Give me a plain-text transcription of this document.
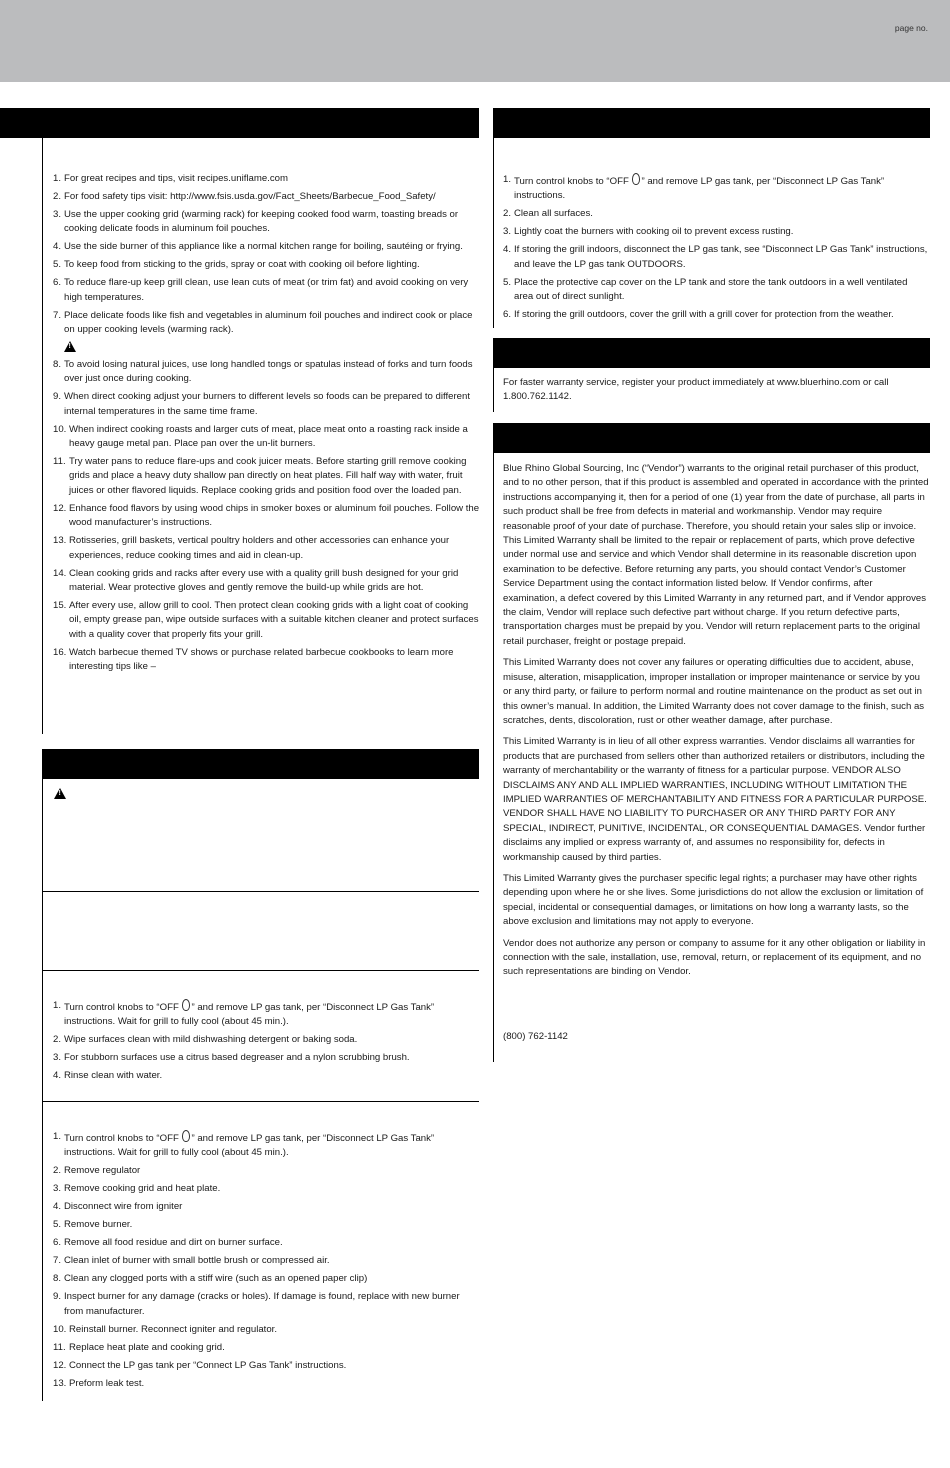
page no.
1. For great recipes and tips, visit recipes.uniflame.com
2. For food safety tips visit: http://www.fsis.usda.gov/Fact_Sheets/Barbecue_Food_Safety/
3. Use the upper cooking grid (warming rack) for keeping cooked food warm, toasting breads or cooking delicate foods in aluminum foil pouches.
4. Use the side burner of this appliance like a normal kitchen range for boiling, sautéing or frying.
5. To keep food from sticking to the grids, spray or coat with cooking oil before lighting.
6. To reduce flare-up keep grill clean, use lean cuts of meat (or trim fat) and avoid cooking on very high temperatures.
7. Place delicate foods like fish and vegetables in aluminum foil pouches and indirect cook or place on upper cooking levels (warming rack).
!
8. To avoid losing natural juices, use long handled tongs or spatulas instead of forks and turn foods over just once during cooking.
9. When direct cooking adjust your burners to different levels so foods can be prepared to different internal temperatures in the same time frame.
10. When indirect cooking roasts and larger cuts of meat, place meat onto a roasting rack inside a heavy gauge metal pan. Place pan over the un-lit burners.
11. Try water pans to reduce flare-ups and cook juicer meats. Before starting grill remove cooking grids and place a heavy duty shallow pan directly on heat plates. Fill half way with water, fruit juices or other flavored liquids. Replace cooking grids and position food over the loaded pan.
12. Enhance food flavors by using wood chips in smoker boxes or aluminum foil pouches. Follow the wood manufacturer’s instructions.
13. Rotisseries, grill baskets, vertical poultry holders and other accessories can enhance your experiences, reduce cooking times and aid in clean-up.
14. Clean cooking grids and racks after every use with a quality grill bush designed for your grid material. Wear protective gloves and gently remove the build-up while grids are hot.
15. After every use, allow grill to cool. Then protect clean cooking grids with a light coat of cooking oil, empty grease pan, wipe outside surfaces with a suitable kitchen cleaner and protect surfaces with a quality cover that properly fits your grill.
16. Watch barbecue themed TV shows or purchase related barbecue cookbooks to learn more interesting tips like –
!
1. Turn control knobs to “OFF ” and remove LP gas tank, per “Disconnect LP Gas Tank” instructions. Wait for grill to fully cool (about 45 min.).
2. Wipe surfaces clean with mild dishwashing detergent or baking soda.
3. For stubborn surfaces use a citrus based degreaser and a nylon scrubbing brush.
4. Rinse clean with water.
1. Turn control knobs to “OFF ” and remove LP gas tank, per “Disconnect LP Gas Tank” instructions. Wait for grill to fully cool (about 45 min.).
2. Remove regulator
3. Remove cooking grid and heat plate.
4. Disconnect wire from igniter
5. Remove burner.
6. Remove all food residue and dirt on burner surface.
7. Clean inlet of burner with small bottle brush or compressed air.
8. Clean any clogged ports with a stiff wire (such as an opened paper clip)
9. Inspect burner for any damage (cracks or holes). If damage is found, replace with new burner from manufacturer.
10. Reinstall burner. Reconnect igniter and regulator.
11. Replace heat plate and cooking grid.
12. Connect the LP gas tank per “Connect LP Gas Tank” instructions.
13. Preform leak test.
1. Turn control knobs to “OFF ” and remove LP gas tank, per “Disconnect LP Gas Tank” instructions.
2. Clean all surfaces.
3. Lightly coat the burners with cooking oil to prevent excess rusting.
4. If storing the grill indoors, disconnect the LP gas tank, see “Disconnect LP Gas Tank” instructions, and leave the LP gas tank OUTDOORS.
5. Place the protective cap cover on the LP tank and store the tank outdoors in a well ventilated area out of direct sunlight.
6. If storing the grill outdoors, cover the grill with a grill cover for protection from the weather.
For faster warranty service, register your product immediately at www.bluerhino.com or call 1.800.762.1142.

Blue Rhino Global Sourcing, Inc (“Vendor”) warrants to the original retail purchaser of this product, and to no other person, that if this product is assembled and operated in accordance with the printed instructions accompanying it, then for a period of one (1) year from the date of purchase, all parts in such product shall be free from defects in material and workmanship. Vendor may require reasonable proof of your date of purchase. Therefore, you should retain your sales slip or invoice. This Limited Warranty shall be limited to the repair or replacement of parts, which prove defective under normal use and service and which Vendor shall determine in its reasonable discretion upon examination to be defective. Before returning any parts, you should contact Vendor’s Customer Service Department using the contact information listed below. If Vendor confirms, after examination, a defect covered by this Limited Warranty in any returned part, and if Vendor approves the claim, Vendor will replace such defective part without charge. If you return defective parts, transportation charges must be prepaid by you. Vendor will return replacement parts to the original retail purchaser, freight or postage prepaid.

This Limited Warranty does not cover any failures or operating difficulties due to accident, abuse, misuse, alteration, misapplication, improper installation or improper maintenance or service by you or any third party, or failure to perform normal and routine maintenance on the product as set out in this owner’s manual. In addition, the Limited Warranty does not cover damage to the finish, such as scratches, dents, discoloration, rust or other weather damage, after purchase.

This Limited Warranty is in lieu of all other express warranties. Vendor disclaims all warranties for products that are purchased from sellers other than authorized retailers or distributors, including the warranty of merchantability or the warranty of fitness for a particular purpose. VENDOR ALSO DISCLAIMS ANY AND ALL IMPLIED WARRANTIES, INCLUDING WITHOUT LIMITATION THE IMPLIED WARRANTIES OF MERCHANTABILITY AND FITNESS FOR A PARTICULAR PURPOSE. VENDOR SHALL HAVE NO LIABILITY TO PURCHASER OR ANY THIRD PARTY FOR ANY SPECIAL, INDIRECT, PUNITIVE, INCIDENTAL, OR CONSEQUENTIAL DAMAGES. Vendor further disclaims any implied or express warranty of, and assumes no responsibility for, defects in workmanship caused by third parties.

This Limited Warranty gives the purchaser specific legal rights; a purchaser may have other rights depending upon where he or she lives. Some jurisdictions do not allow the exclusion or limitation of special, incidental or consequential damages, or limitations on how long a warranty lasts, so the above exclusion and limitations may not apply to everyone.

Vendor does not authorize any person or company to assume for it any other obligation or liability in connection with the sale, installation, use, removal, return, or replacement of its equipment, and no such representations are binding on Vendor.

(800) 762-1142
